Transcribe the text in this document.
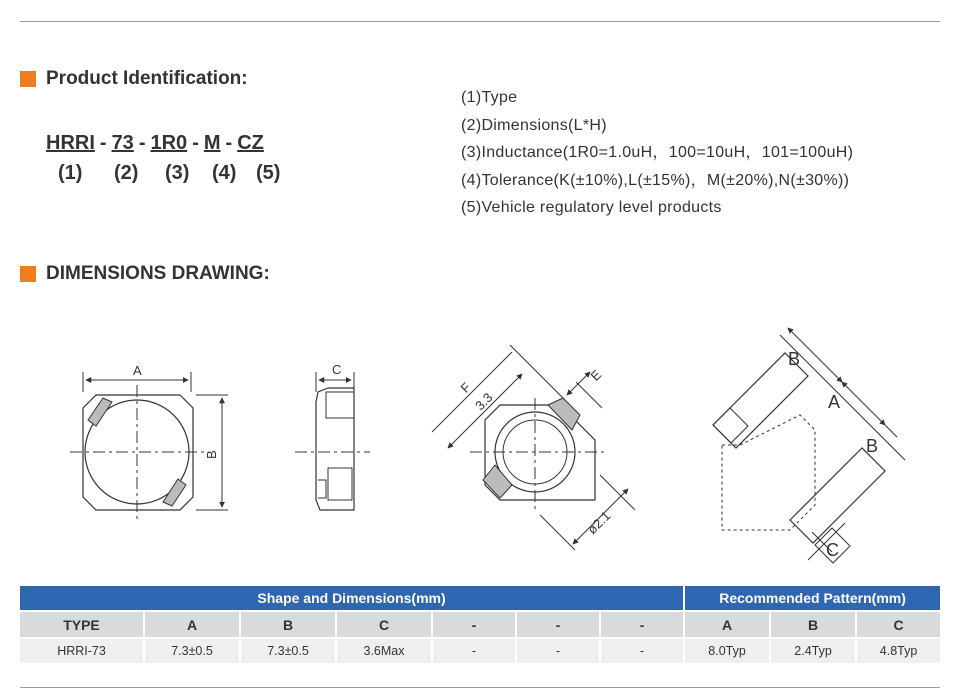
Product Identification:
HRRI - 73 - 1R0 - M - CZ
(1) (2) (3) (4) (5)
(1)Type
(2)Dimensions(L*H)
(3)Inductance(1R0=1.0uH，100=10uH，101=100uH)
(4)Tolerance(K(±10%),L(±15%)，M(±20%),N(±30%))
(5)Vehicle regulatory level products
DIMENSIONS DRAWING:
A
B
C
F
3.3
E
ø2.1
B
A
B
C
Shape and Dimensions(mm)							Recommended Pattern(mm)		
TYPE	A	B	C	-	-	-	A	B	C
HRRI-73	7.3±0.5	7.3±0.5	3.6Max	-	-	-	8.0Typ	2.4Typ	4.8Typ
